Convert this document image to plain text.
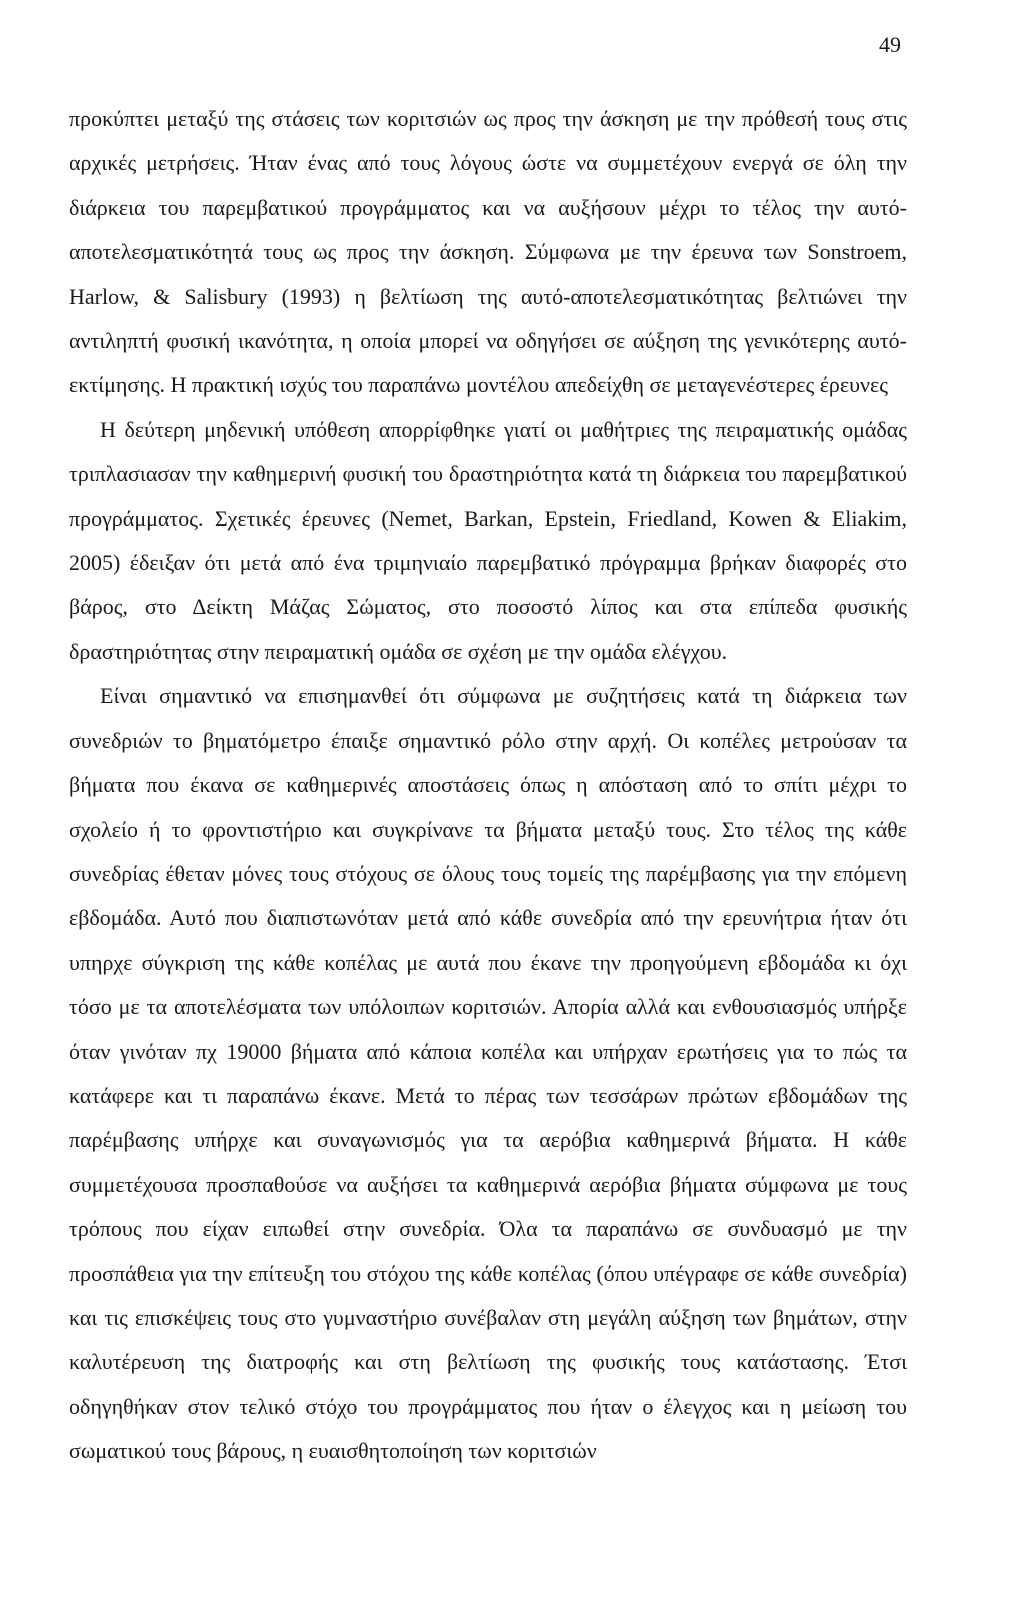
49

προκύπτει μεταξύ της στάσεις των κοριτσιών ως προς την άσκηση με την πρόθεσή τους στις αρχικές μετρήσεις. Ήταν ένας από τους λόγους ώστε να συμμετέχουν ενεργά σε όλη την διάρκεια του παρεμβατικού προγράμματος και να αυξήσουν μέχρι το τέλος την αυτό-αποτελεσματικότητά τους ως προς την άσκηση. Σύμφωνα με την έρευνα των Sonstroem, Harlow, & Salisbury (1993) η βελτίωση της αυτό-αποτελεσματικότητας βελτιώνει την αντιληπτή φυσική ικανότητα, η οποία μπορεί να οδηγήσει σε αύξηση της γενικότερης αυτό-εκτίμησης. Η πρακτική ισχύς του παραπάνω μοντέλου απεδείχθη σε μεταγενέστερες έρευνες

Η δεύτερη μηδενική υπόθεση απορρίφθηκε γιατί οι μαθήτριες της πειραματικής ομάδας τριπλασιασαν την καθημερινή φυσική του δραστηριότητα κατά τη διάρκεια του παρεμβατικού προγράμματος. Σχετικές έρευνες (Nemet, Barkan, Epstein, Friedland, Kowen & Eliakim, 2005) έδειξαν ότι μετά από ένα τριμηνιαίο παρεμβατικό πρόγραμμα βρήκαν διαφορές στο βάρος, στο Δείκτη Μάζας Σώματος, στο ποσοστό λίπος και στα επίπεδα φυσικής δραστηριότητας στην πειραματική ομάδα σε σχέση με την ομάδα ελέγχου.

Είναι σημαντικό να επισημανθεί ότι σύμφωνα με συζητήσεις κατά τη διάρκεια των συνεδριών το βηματόμετρο έπαιξε σημαντικό ρόλο στην αρχή. Οι κοπέλες μετρούσαν τα βήματα που έκανα σε καθημερινές αποστάσεις όπως η απόσταση από το σπίτι μέχρι το σχολείο ή το φροντιστήριο και συγκρίνανε τα βήματα μεταξύ τους. Στο τέλος της κάθε συνεδρίας έθεταν μόνες τους στόχους σε όλους τους τομείς της παρέμβασης για την επόμενη εβδομάδα. Αυτό που διαπιστωνόταν μετά από κάθε συνεδρία από την ερευνήτρια ήταν ότι υπηρχε σύγκριση της κάθε κοπέλας με αυτά που έκανε την προηγούμενη εβδομάδα κι όχι τόσο με τα αποτελέσματα των υπόλοιπων κοριτσιών. Απορία αλλά και ενθουσιασμός υπήρξε όταν γινόταν πχ 19000 βήματα από κάποια κοπέλα και υπήρχαν ερωτήσεις για το πώς τα κατάφερε και τι παραπάνω έκανε. Μετά το πέρας των τεσσάρων πρώτων εβδομάδων της παρέμβασης υπήρχε και συναγωνισμός για τα αερόβια καθημερινά βήματα. Η κάθε συμμετέχουσα προσπαθούσε να αυξήσει τα καθημερινά αερόβια βήματα σύμφωνα με τους τρόπους που είχαν ειπωθεί στην συνεδρία. Όλα τα παραπάνω σε συνδυασμό με την προσπάθεια για την επίτευξη του στόχου της κάθε κοπέλας (όπου υπέγραφε σε κάθε συνεδρία) και τις επισκέψεις τους στο γυμναστήριο συνέβαλαν στη μεγάλη αύξηση των βημάτων, στην καλυτέρευση της διατροφής και στη βελτίωση της φυσικής τους κατάστασης. Έτσι οδηγηθήκαν στον τελικό στόχο του προγράμματος που ήταν ο έλεγχος και η μείωση του σωματικού τους βάρους, η ευαισθητοποίηση των κοριτσιών
